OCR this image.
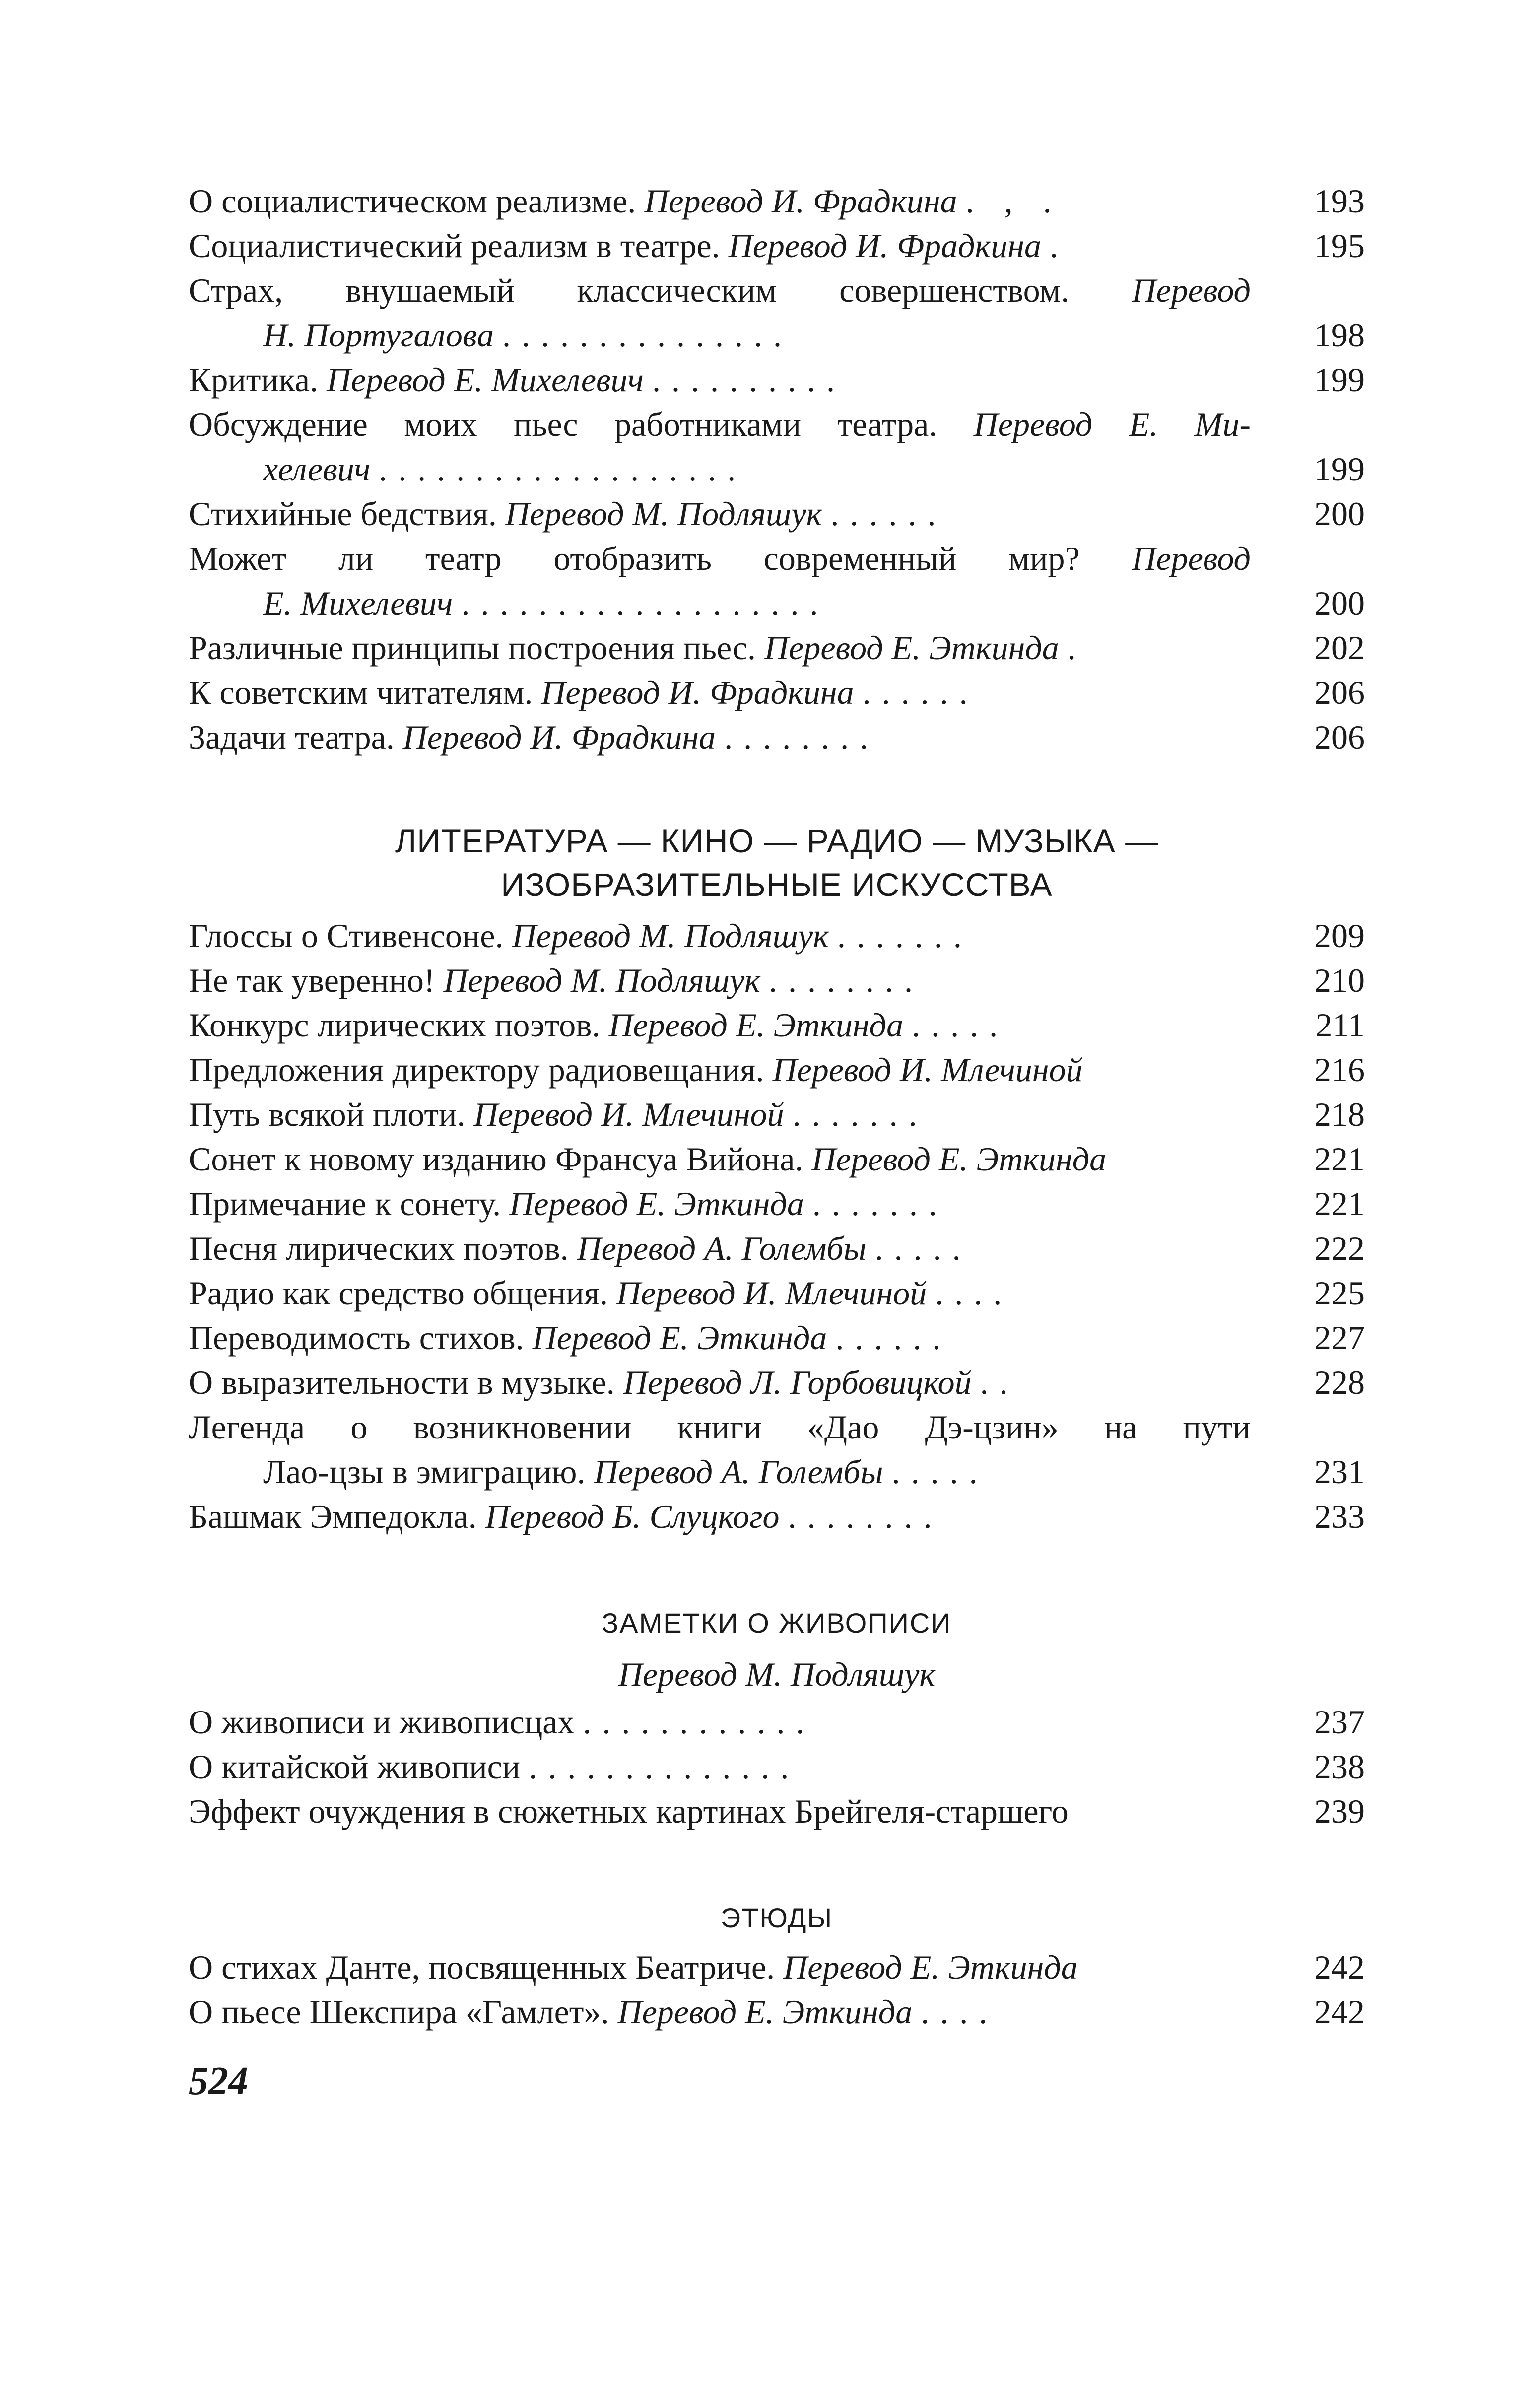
О социалистическом реализме. Перевод И. Фрадкина . , .	193
Социалистический реализм в театре. Перевод И. Фрадкина .	195
Страх, внушаемый классическим совершенством. Перевод
Н. Португалова ...............	198
Критика. Перевод Е. Михелевич ..........	199
Обсуждение моих пьес работниками театра. Перевод Е. Ми-
хелевич ...................	199
Стихийные бедствия. Перевод М. Подляшук ......	200
Может ли театр отобразить современный мир? Перевод
Е. Михелевич ...................	200
Различные принципы построения пьес. Перевод Е. Эткинда .	202
К советским читателям. Перевод И. Фрадкина ......	206
Задачи театра. Перевод И. Фрадкина ........	206
ЛИТЕРАТУРА — КИНО — РАДИО — МУЗЫКА —
ИЗОБРАЗИТЕЛЬНЫЕ ИСКУССТВА
Глоссы о Стивенсоне. Перевод М. Подляшук .......	209
Не так уверенно! Перевод М. Подляшук ........	210
Конкурс лирических поэтов. Перевод Е. Эткинда .....	211
Предложения директору радиовещания. Перевод И. Млечиной	216
Путь всякой плоти. Перевод И. Млечиной .......	218
Сонет к новому изданию Франсуа Вийона. Перевод Е. Эткинда	221
Примечание к сонету. Перевод Е. Эткинда .......	221
Песня лирических поэтов. Перевод А. Голембы .....	222
Радио как средство общения. Перевод И. Млечиной ....	225
Переводимость стихов. Перевод Е. Эткинда ......	227
О выразительности в музыке. Перевод Л. Горбовицкой ..	228
Легенда о возникновении книги «Дао Дэ-цзин» на пути
Лао-цзы в эмиграцию. Перевод А. Голембы .....	231
Башмак Эмпедокла. Перевод Б. Слуцкого ........	233
ЗАМЕТКИ О ЖИВОПИСИ
Перевод М. Подляшук
О живописи и живописцах ............	237
О китайской живописи ..............	238
Эффект очуждения в сюжетных картинах Брейгеля-старшего	239
ЭТЮДЫ
О стихах Данте, посвященных Беатриче. Перевод Е. Эткинда	242
О пьесе Шекспира «Гамлет». Перевод Е. Эткинда ....	242
524
